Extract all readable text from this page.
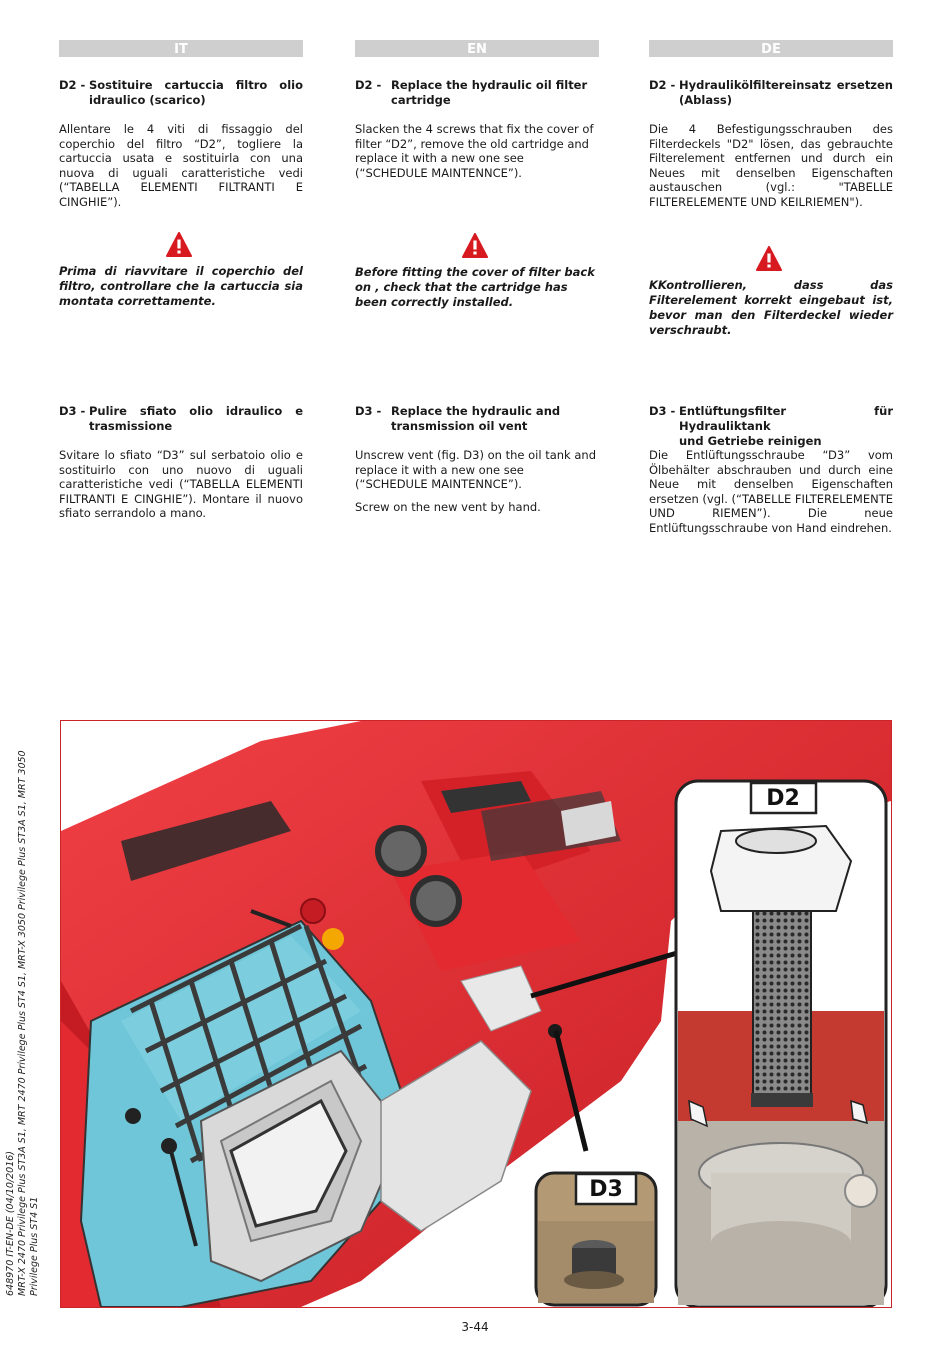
IT
D2 - Sostituire cartuccia filtro olio
idraulico (scarico)
Allentare le 4 viti di fissaggio del coperchio del filtro “D2”, togliere la cartuccia usata e sostituirla con una nuova di uguali caratteristiche vedi (“TABELLA ELEMENTI FILTRANTI E CINGHIE”).
Prima di riavvitare il coperchio del filtro, controllare che la cartuccia sia montata correttamente.
D3 - Pulire sfiato olio idraulico e
trasmissione
Svitare lo sfiato “D3” sul serbatoio olio e sostituirlo con uno nuovo di uguali caratteristiche vedi (“TABELLA ELEMENTI FILTRANTI E CINGHIE”). Montare il nuovo sfiato serrandolo a mano.
EN
D2 - Replace the hydraulic oil filter
cartridge
Slacken the 4 screws that fix the cover of filter “D2”, remove the old cartridge and replace it with a new one see (“SCHEDULE MAINTENNCE”).
Before fitting the cover of filter back on , check that the cartridge has been correctly installed.
D3 - Replace the hydraulic and
transmission oil vent
Unscrew vent (fig. D3) on the oil tank and replace it with a new one see (“SCHEDULE MAINTENNCE”).
Screw on the new vent by hand.
DE
D2 - Hydraulikölfiltereinsatz ersetzen
(Ablass)
Die 4 Befestigungsschrauben des Filterdeckels "D2" lösen, das gebrauchte Filterelement entfernen und durch ein Neues mit denselben Eigenschaften austauschen (vgl.: "TABELLE FILTERELEMENTE UND KEILRIEMEN").
KKontrollieren, dass das Filterelement korrekt eingebaut ist, bevor man den Filterdeckel wieder verschraubt.
D3 - Entlüftungsfilter für Hydrauliktank
und Getriebe reinigen
Die Entlüftungsschraube “D3” vom Ölbehälter abschrauben und durch eine Neue mit denselben Eigenschaften ersetzen (vgl. (“TABELLE FILTERELEMENTE UND RIEMEN”). Die neue Entlüftungsschraube von Hand eindrehen.
64897​0 IT-EN-DE (04/10/2016) MRT-X 2470 Privilege Plus ST3A S1, MRT 2470 Privilege Plus ST4 S1, MRT-X 3050 Privilege Plus ST3A S1, MRT 3050 Privilege Plus ST4 S1
D2
D3
3-44
